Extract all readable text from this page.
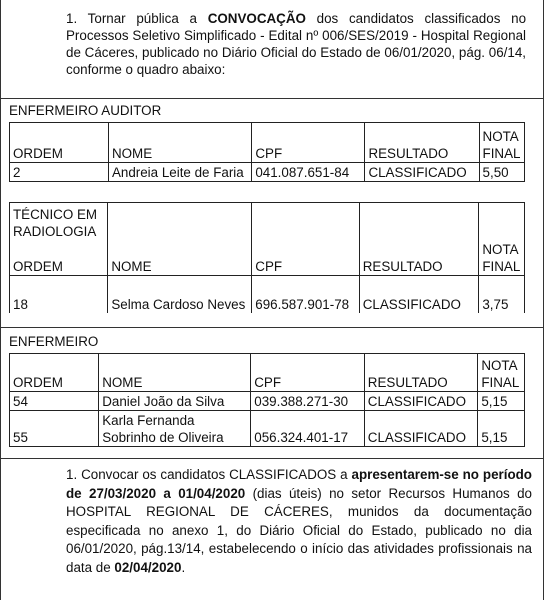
1. Tornar pública a CONVOCAÇÃO dos candidatos classificados no Processos Seletivo Simplificado - Edital nº 006/SES/2019 - Hospital Regional de Cáceres, publicado no Diário Oficial do Estado de 06/01/2020, pág. 06/14, conforme o quadro abaixo:
ENFERMEIRO AUDITOR
ORDEM	NOME	CPF	RESULTADO	NOTA FINAL
2	Andreia Leite de Faria	041.087.651-84	CLASSIFICADO	5,50
TÉCNICO EM RADIOLOGIA
ORDEM	NOME	CPF	RESULTADO	NOTA FINAL
18	Selma Cardoso Neves	696.587.901-78	CLASSIFICADO	3,75
ENFERMEIRO
ORDEM	NOME	CPF	RESULTADO	NOTA FINAL
54	Daniel João da Silva	039.388.271-30	CLASSIFICADO	5,15
55	Karla Fernanda Sobrinho de Oliveira	056.324.401-17	CLASSIFICADO	5,15
1. Convocar os candidatos CLASSIFICADOS a apresentarem-se no período de 27/03/2020 a 01/04/2020 (dias úteis) no setor Recursos Humanos do HOSPITAL REGIONAL DE CÁCERES, munidos da documentação especificada no anexo 1, do Diário Oficial do Estado, publicado no dia 06/01/2020, pág.13/14, estabelecendo o início das atividades profissionais na data de 02/04/2020.
